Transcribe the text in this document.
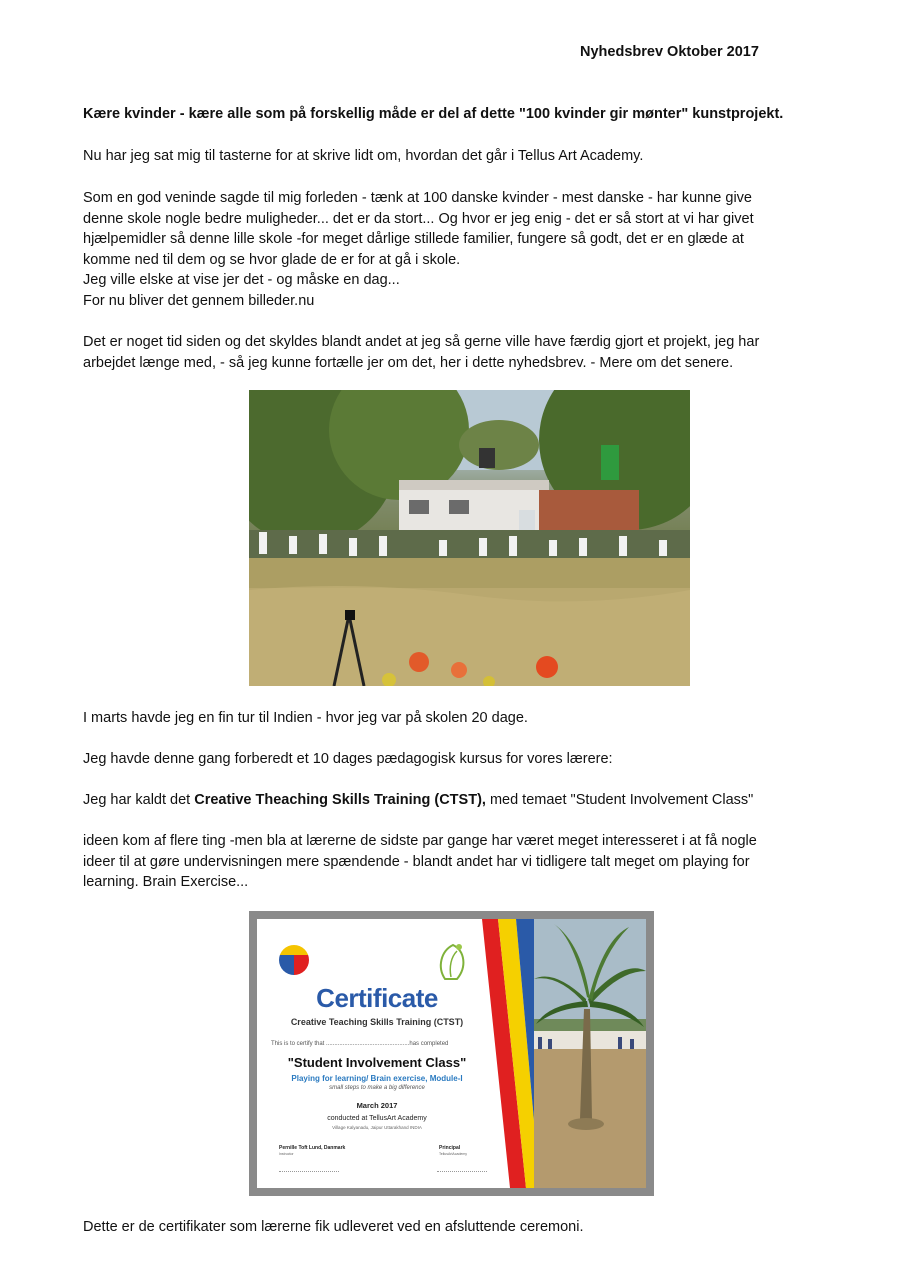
Nyhedsbrev Oktober 2017
Kære kvinder - kære alle som på forskellig måde er del af dette "100 kvinder gir mønter" kunstprojekt.
Nu har jeg sat mig til tasterne for at skrive lidt om, hvordan det går i Tellus Art Academy.
Som en god veninde sagde til mig forleden - tænk at 100 danske kvinder - mest danske - har kunne give
denne skole nogle bedre muligheder... det er da stort... Og hvor er jeg enig - det er så stort at vi har givet
hjælpemidler så denne lille skole -for meget dårlige stillede familier, fungere så godt, det er en glæde at
komme ned til dem og se hvor glade de er for at gå i skole.
Jeg ville elske at vise jer det - og måske en dag...
For nu bliver det gennem billeder.nu
Det er noget tid siden og det skyldes blandt andet at jeg så gerne ville have færdig gjort et projekt, jeg har
arbejdet længe med, - så jeg kunne fortælle jer om det, her i dette nyhedsbrev. - Mere om det senere.
I marts havde jeg en fin tur til Indien - hvor jeg var på skolen 20 dage.
Jeg havde denne gang forberedt et 10 dages pædagogisk kursus for vores lærere:
Jeg har kaldt det Creative Theaching Skills Training (CTST), med temaet "Student Involvement Class"
ideen kom af flere ting -men bla at lærerne de sidste par gange har været meget interesseret i at få nogle
ideer til at gøre undervisningen mere spændende - blandt andet har vi tidligere talt meget om playing for
learning. Brain Exercise...
Certificate
Creative Teaching Skills Training (CTST)
This is to certify that ..................................................has completed
"Student Involvement Class"
Playing for learning/ Brain exercise, Module-I
small steps to make a big difference
March 2017
conducted at TellusArt Academy
Village Kalyanadu, Jaipur Uttarakhand INDIA
Pernille Toft Lund, Danmark
Instructor
Principal
TellusArtAcademy
Dette er de certifikater som lærerne fik udleveret ved en afsluttende ceremoni.
